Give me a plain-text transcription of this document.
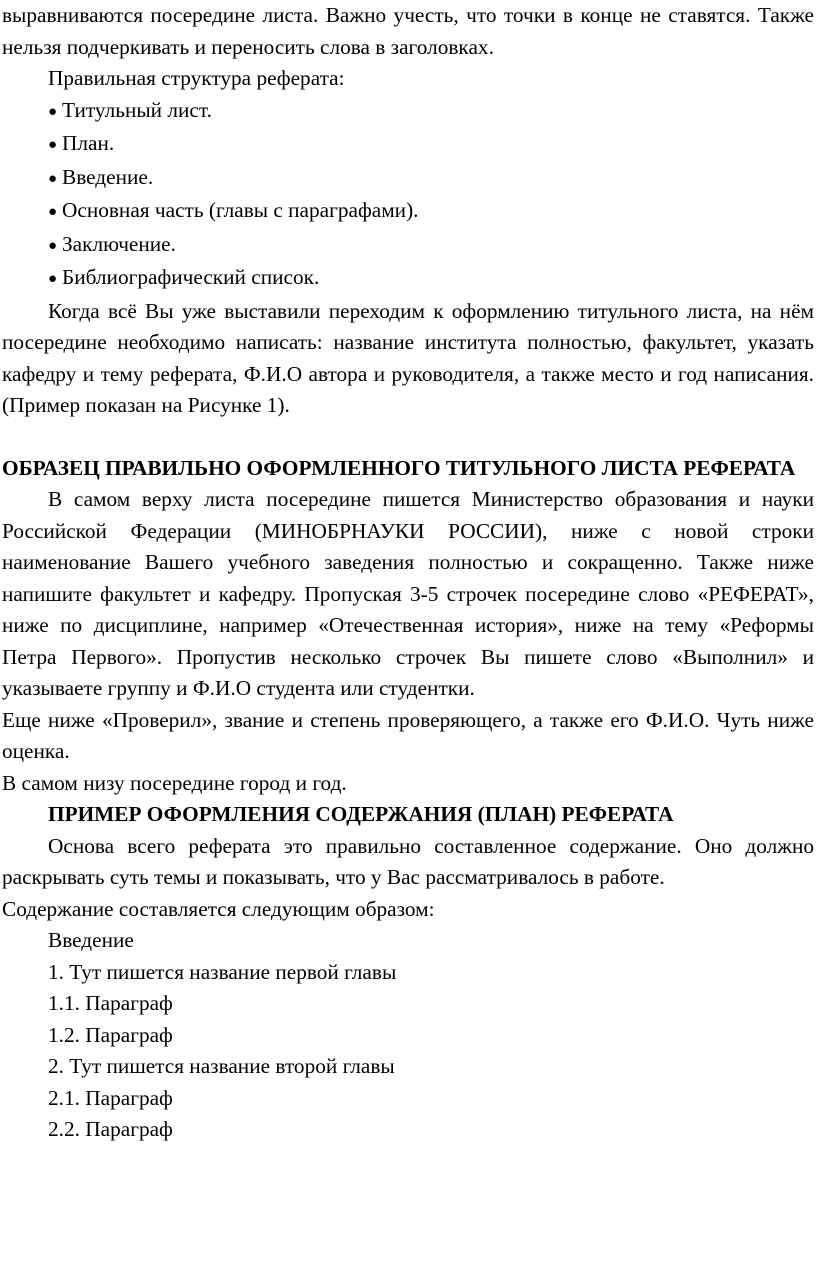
выравниваются посередине листа. Важно учесть, что точки в конце не ставятся. Также нельзя подчеркивать и переносить слова в заголовках.

Правильная структура реферата:

● Титульный лист.
● План.
● Введение.
● Основная часть (главы с параграфами).
● Заключение.
● Библиографический список.

Когда всё Вы уже выставили переходим к оформлению титульного листа, на нём посередине необходимо написать: название института полностью, факультет, указать кафедру и тему реферата, Ф.И.О автора и руководителя, а также место и год написания. (Пример показан на Рисунке 1).

ОБРАЗЕЦ ПРАВИЛЬНО ОФОРМЛЕННОГО ТИТУЛЬНОГО ЛИСТА РЕФЕРАТА

В самом верху листа посередине пишется Министерство образования и науки Российской Федерации (МИНОБРНАУКИ РОССИИ), ниже с новой строки наименование Вашего учебного заведения полностью и сокращенно. Также ниже напишите факультет и кафедру. Пропуская 3-5 строчек посередине слово «РЕФЕРАТ», ниже по дисциплине, например «Отечественная история», ниже на тему «Реформы Петра Первого». Пропустив несколько строчек Вы пишете слово «Выполнил» и указываете группу и Ф.И.О студента или студентки.

Еще ниже «Проверил», звание и степень проверяющего, а также его Ф.И.О. Чуть ниже оценка.

В самом низу посередине город и год.

ПРИМЕР ОФОРМЛЕНИЯ СОДЕРЖАНИЯ (ПЛАН) РЕФЕРАТА

Основа всего реферата это правильно составленное содержание. Оно должно раскрывать суть темы и показывать, что у Вас рассматривалось в работе.

Содержание составляется следующим образом:

Введение
1. Тут пишется название первой главы
1.1. Параграф
1.2. Параграф
2. Тут пишется название второй главы
2.1. Параграф
2.2. Параграф
